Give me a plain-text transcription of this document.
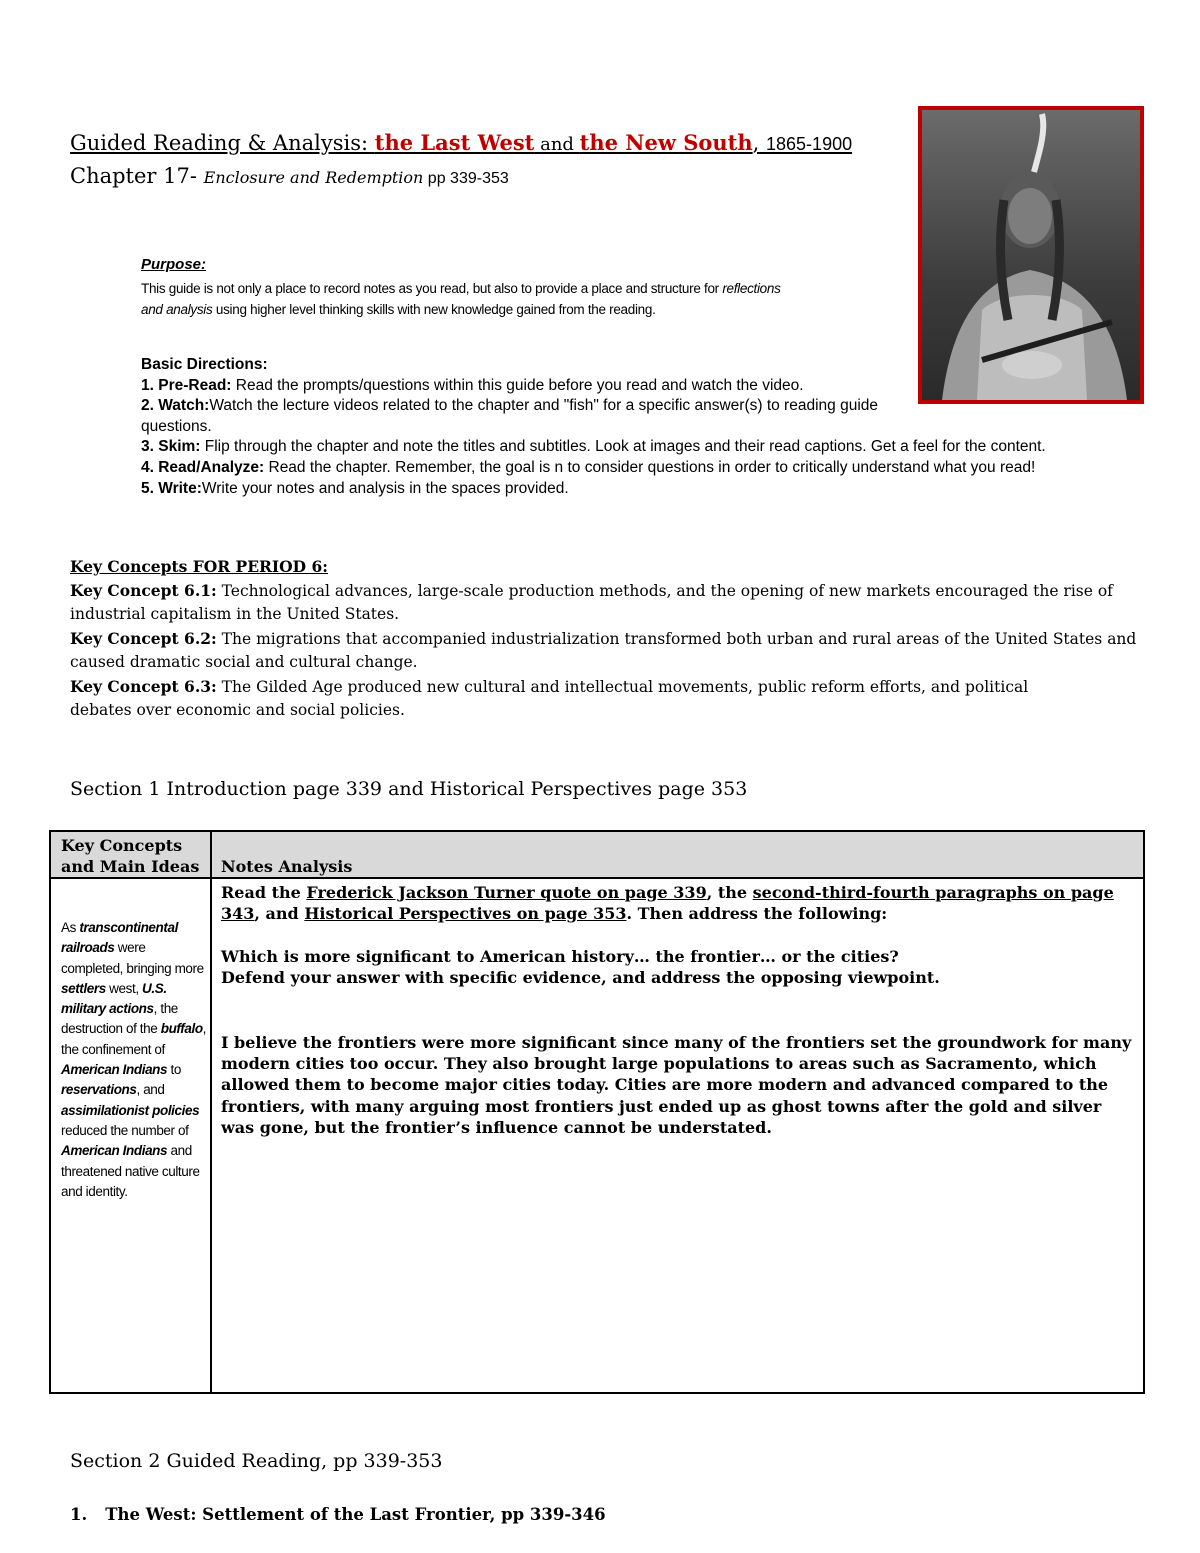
Guided Reading & Analysis: the Last West and the New South, 1865-1900
Chapter 17- Enclosure and Redemption pp 339-353
Purpose:
This guide is not only a place to record notes as you read, but also to provide a place and structure for reflections and analysis using higher level thinking skills with new knowledge gained from the reading.

Basic Directions:

1. Pre-Read: Read the prompts/questions within this guide before you read and watch the video.

2. Watch:Watch the lecture videos related to the chapter and "fish" for a specific answer(s) to reading guide questions.

3. Skim: Flip through the chapter and note the titles and subtitles. Look at images and their read captions. Get a feel for the content.

4. Read/Analyze: Read the chapter. Remember, the goal is n to consider questions in order to critically understand what you read!

5. Write:Write your notes and analysis in the spaces provided.

Key Concepts FOR PERIOD 6:

Key Concept 6.1: Technological advances, large-scale production methods, and the opening of new markets encouraged the rise of industrial capitalism in the United States.

Key Concept 6.2: The migrations that accompanied industrialization transformed both urban and rural areas of the United States and caused dramatic social and cultural change.

Key Concept 6.3: The Gilded Age produced new cultural and intellectual movements, public reform efforts, and political debates over economic and social policies.

Section 1 Introduction page 339 and Historical Perspectives page 353
Key Concepts and Main Ideas Notes Analysis
As transcontinental railroads were completed, bringing more settlers west, U.S. military actions, the destruction of the buffalo, the confinement of American Indians to reservations, and assimilationist policies reduced the number of American Indians and threatened native culture and identity.

Read the Frederick Jackson Turner quote on page 339, the second-third-fourth paragraphs on page 343, and Historical Perspectives on page 353. Then address the following:

Which is more significant to American history… the frontier… or the cities?

Defend your answer with specific evidence, and address the opposing viewpoint.

I believe the frontiers were more significant since many of the frontiers set the groundwork for many modern cities too occur. They also brought large populations to areas such as Sacramento, which allowed them to become major cities today. Cities are more modern and advanced compared to the frontiers, with many arguing most frontiers just ended up as ghost towns after the gold and silver was gone, but the frontier’s influence cannot be understated.

Section 2 Guided Reading, pp 339-353
1. The West: Settlement of the Last Frontier, pp 339-346
